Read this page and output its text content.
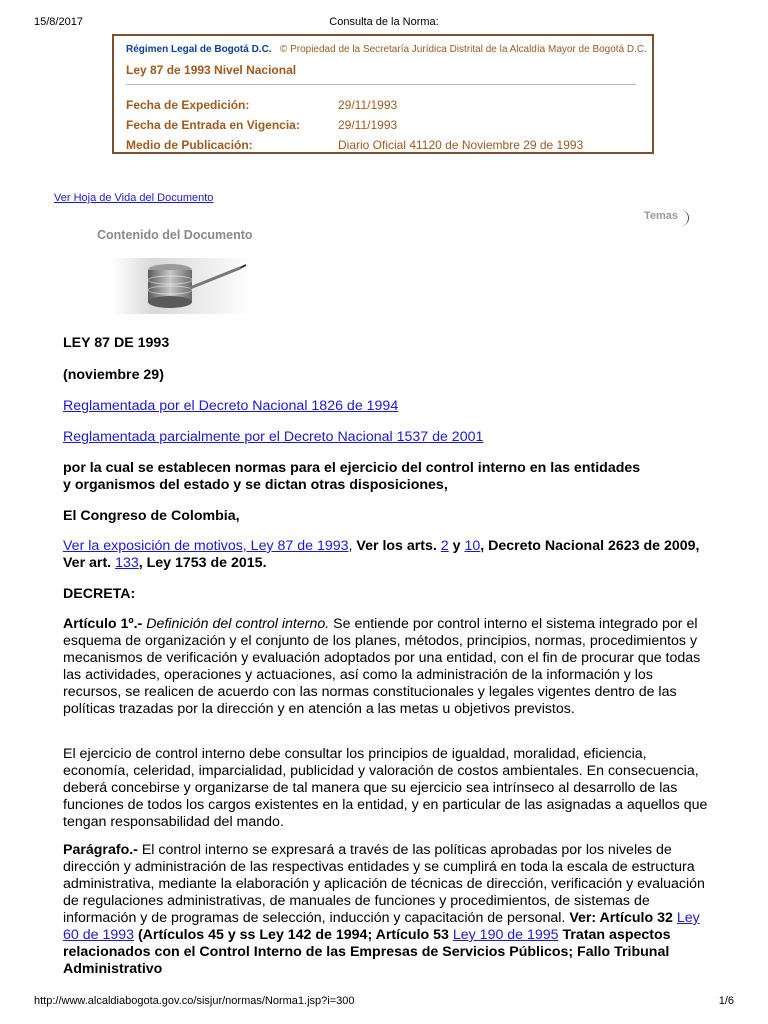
15/8/2017	Consulta de la Norma:
Régimen Legal de Bogotá D.C. © Propiedad de la Secretaría Jurídica Distrital de la Alcaldía Mayor de Bogotá D.C.
Ley 87 de 1993 Nivel Nacional
Fecha de Expedición:	29/11/1993
Fecha de Entrada en Vigencia:	29/11/1993
Medio de Publicación:	Diario Oficial 41120 de Noviembre 29 de 1993
Ver Hoja de Vida del Documento
Temas
Contenido del Documento
LEY 87 DE 1993
(noviembre 29)
Reglamentada por el Decreto Nacional 1826 de 1994
Reglamentada parcialmente por el Decreto Nacional 1537 de 2001
por la cual se establecen normas para el ejercicio del control interno en las entidades
y organismos del estado y se dictan otras disposiciones,
El Congreso de Colombia,
Ver la exposición de motivos, Ley 87 de 1993, Ver los arts. 2 y 10, Decreto Nacional 2623 de 2009, Ver art. 133, Ley 1753 de 2015.
DECRETA:
Artículo 1º.- Definición del control interno. Se entiende por control interno el sistema integrado por el esquema de organización y el conjunto de los planes, métodos, principios, normas, procedimientos y mecanismos de verificación y evaluación adoptados por una entidad, con el fin de procurar que todas las actividades, operaciones y actuaciones, así como la administración de la información y los recursos, se realicen de acuerdo con las normas constitucionales y legales vigentes dentro de las políticas trazadas por la dirección y en atención a las metas u objetivos previstos.
El ejercicio de control interno debe consultar los principios de igualdad, moralidad, eficiencia, economía, celeridad, imparcialidad, publicidad y valoración de costos ambientales. En consecuencia, deberá concebirse y organizarse de tal manera que su ejercicio sea intrínseco al desarrollo de las funciones de todos los cargos existentes en la entidad, y en particular de las asignadas a aquellos que tengan responsabilidad del mando.
Parágrafo.- El control interno se expresará a través de las políticas aprobadas por los niveles de dirección y administración de las respectivas entidades y se cumplirá en toda la escala de estructura administrativa, mediante la elaboración y aplicación de técnicas de dirección, verificación y evaluación de regulaciones administrativas, de manuales de funciones y procedimientos, de sistemas de información y de programas de selección, inducción y capacitación de personal. Ver: Artículo 32 Ley 60 de 1993 (Artículos 45 y ss Ley 142 de 1994; Artículo 53 Ley 190 de 1995 Tratan aspectos relacionados con el Control Interno de las Empresas de Servicios Públicos; Fallo Tribunal Administrativo
http://www.alcaldiabogota.gov.co/sisjur/normas/Norma1.jsp?i=300	1/6
